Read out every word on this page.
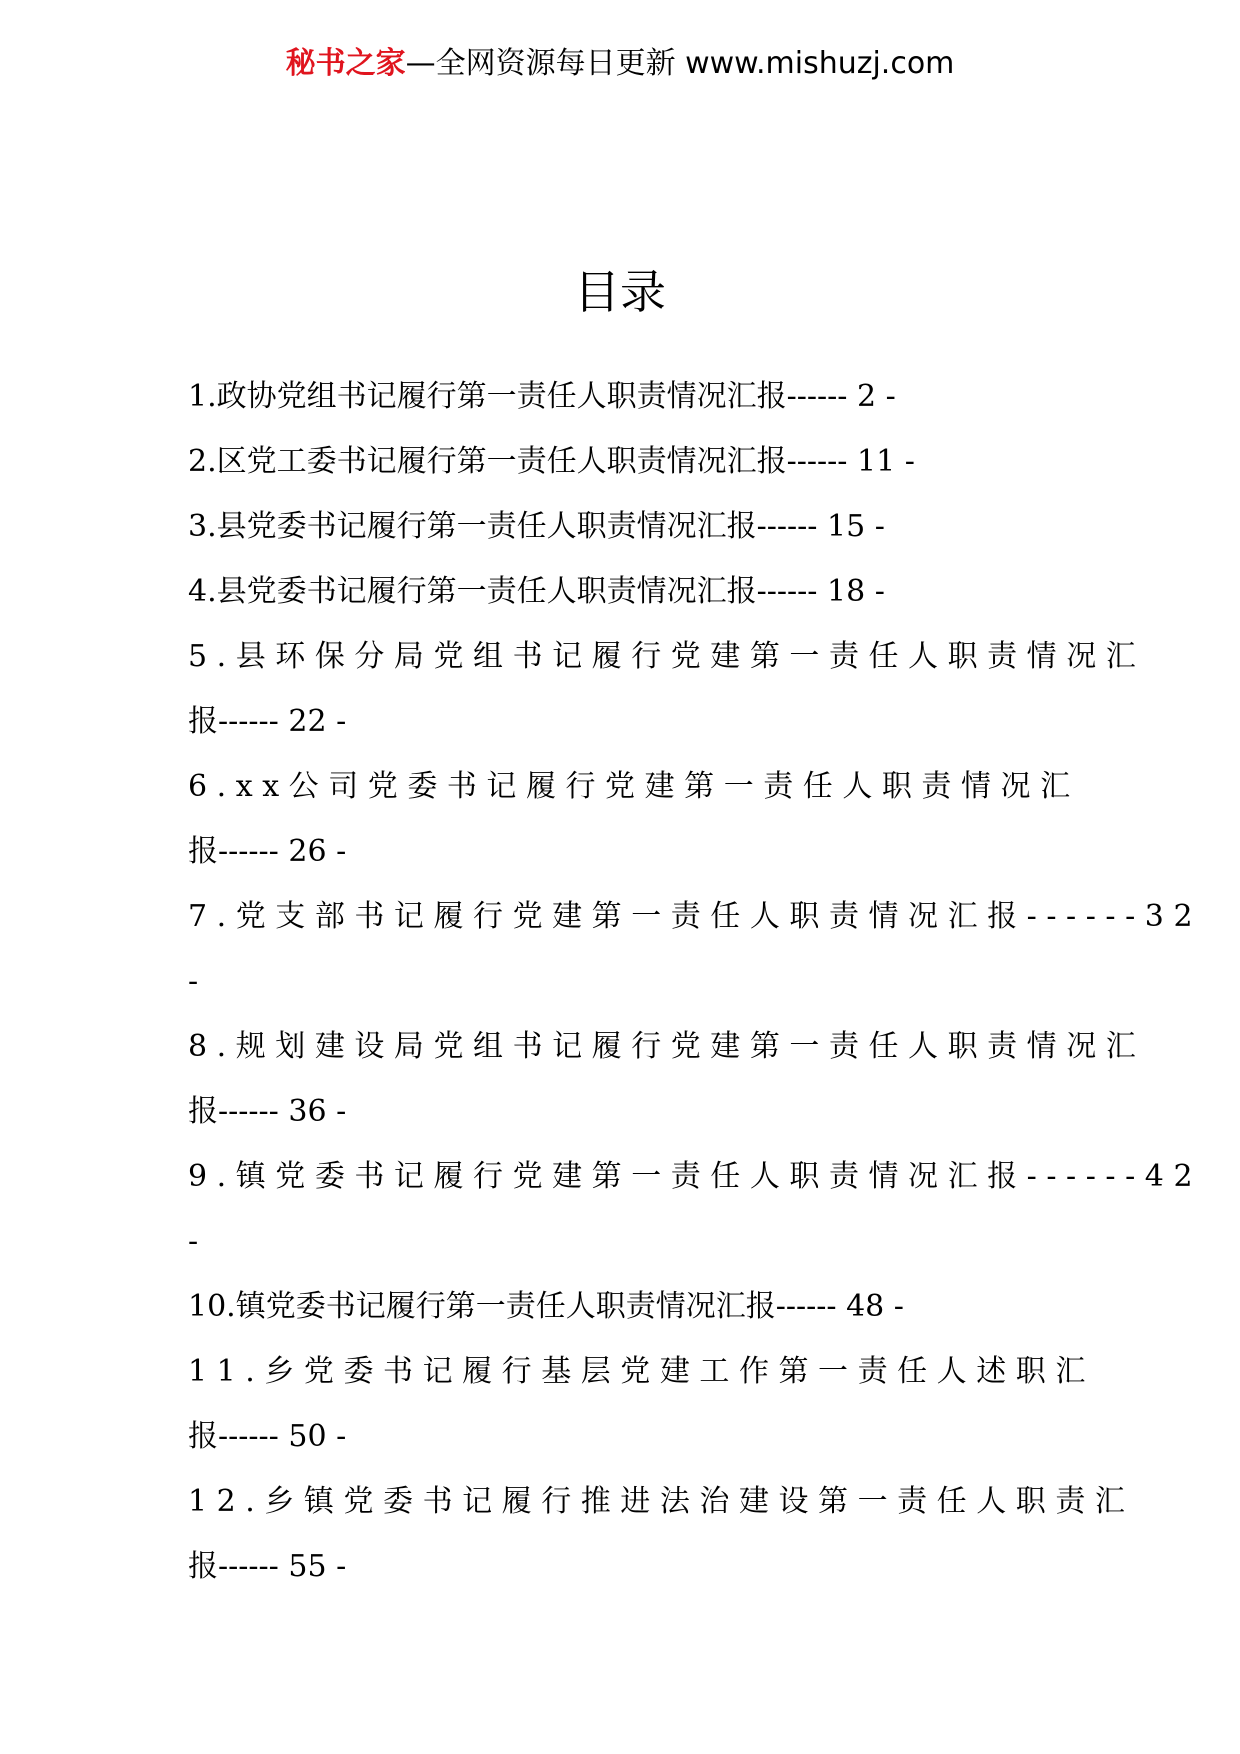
秘书之家—全网资源每日更新 www.mishuzj.com
目录
1.政协党组书记履行第一责任人职责情况汇报------ 2 -
2.区党工委书记履行第一责任人职责情况汇报------ 11 -
3.县党委书记履行第一责任人职责情况汇报------ 15 -
4.县党委书记履行第一责任人职责情况汇报------ 18 -
5 . 县 环 保 分 局 党 组 书 记 履 行 党 建 第 一 责 任 人 职 责 情 况 汇
报------ 22 -
6 . x x 公 司 党 委 书 记 履 行 党 建 第 一 责 任 人 职 责 情 况 汇
报------ 26 -
7 . 党 支 部 书 记 履 行 党 建 第 一 责 任 人 职 责 情 况 汇 报 - - - - - - 3 2
-
8 . 规 划 建 设 局 党 组 书 记 履 行 党 建 第 一 责 任 人 职 责 情 况 汇
报------ 36 -
9 . 镇 党 委 书 记 履 行 党 建 第 一 责 任 人 职 责 情 况 汇 报 - - - - - - 4 2
-
10.镇党委书记履行第一责任人职责情况汇报------ 48 -
1 1 . 乡 党 委 书 记 履 行 基 层 党 建 工 作 第 一 责 任 人 述 职 汇
报------ 50 -
1 2 . 乡 镇 党 委 书 记 履 行 推 进 法 治 建 设 第 一 责 任 人 职 责 汇
报------ 55 -
